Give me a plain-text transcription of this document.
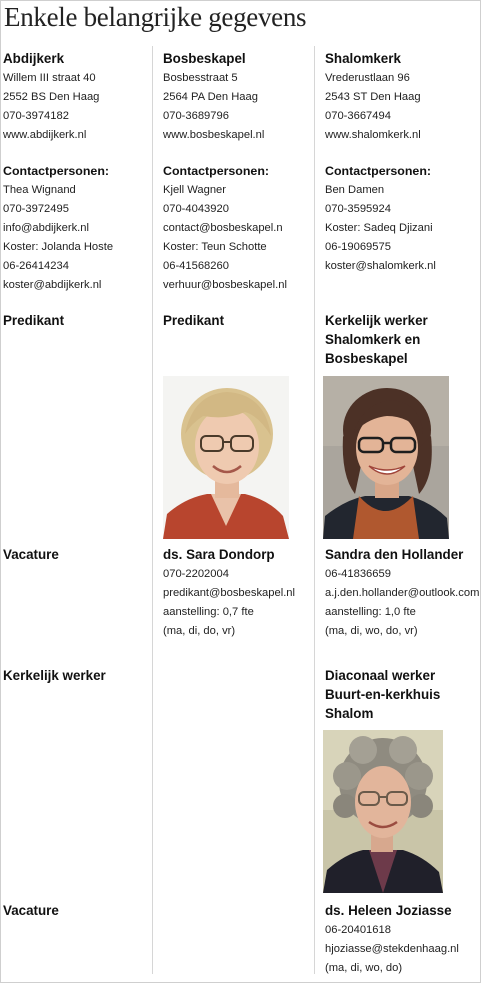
Enkele belangrijke gegevens
Abdijkerk
Willem III straat 40
2552 BS Den Haag
070-3974182
www.abdijkerk.nl
Contactpersonen:
Thea Wignand
070-3972495
info@abdijkerk.nl
Koster: Jolanda Hoste
06-26414234
koster@abdijkerk.nl
Predikant
Vacature
Kerkelijk werker
Vacature
Bosbeskapel
Bosbesstraat 5
2564 PA Den Haag
070-3689796
www.bosbeskapel.nl
Contactpersonen:
Kjell Wagner
070-4043920
contact@bosbeskapel.n
Koster: Teun Schotte
06-41568260
verhuur@bosbeskapel.nl
Predikant
ds. Sara Dondorp
070-2202004
predikant@bosbeskapel.nl
aanstelling: 0,7 fte
(ma, di, do, vr)
Shalomkerk
Vrederustlaan 96
2543 ST Den Haag
070-3667494
www.shalomkerk.nl
Contactpersonen:
Ben Damen
070-3595924
Koster: Sadeq Djizani
06-19069575
koster@shalomkerk.nl
Kerkelijk werker
Shalomkerk en
Bosbeskapel
Sandra den Hollander
06-41836659
a.j.den.hollander@outlook.com
aanstelling: 1,0 fte
(ma, di, wo, do, vr)
Diaconaal werker
Buurt-en-kerkhuis
Shalom
ds. Heleen Joziasse
06-20401618
hjoziasse@stekdenhaag.nl
(ma, di, wo, do)
